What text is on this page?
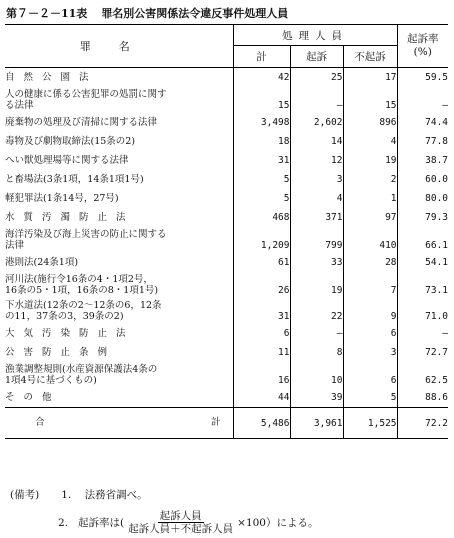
第７－２－11表 罪名別公害関係法令違反事件処理人員
罪名	処理人員			起訴率
(%)

	計	起訴	不起訴	
自然公園法	42	25	17	59.5

人の健康に係る公害犯罪の処罰に関す
る法律	15	—	15	—
廃棄物の処理及び清掃に関する法律	3,498	2,602	896	74.4
毒物及び劇物取締法(15条の2)	18	14	4	77.8
へい獣処理場等に関する法律	31	12	19	38.7
と畜場法(3条1項，14条1項1号)	5	3	2	60.0
軽犯罪法(1条14号，27号)	5	4	1	80.0
水質汚濁防止法	468	371	97	79.3

海洋汚染及び海上災害の防止に関する
法律	1,209	799	410	66.1
港則法(24条1項)	61	33	28	54.1

河川法(施行令16条の4・1項2号，
16条の5・1項，16条の8・1項1号)	26	19	7	73.1

下水道法(12条の2～12条の6，12条
の11，37条の3，39条の2)	31	22	9	71.0
大気汚染防止法	6	—	6	—
公害防止条例	11	8	3	72.7

漁業調整規則(水産資源保護法4条の
1項4号に基づくもの)	16	10	6	62.5
その他	44	39	5	88.6

合 計	5,486	3,961	1,525	72.2
(備考) 1. 法務省調べ。
2. 起訴率は( $\frac{\text{起訴人員}}{\text{起訴人員＋不起訴人員}} \times 100$）による。
